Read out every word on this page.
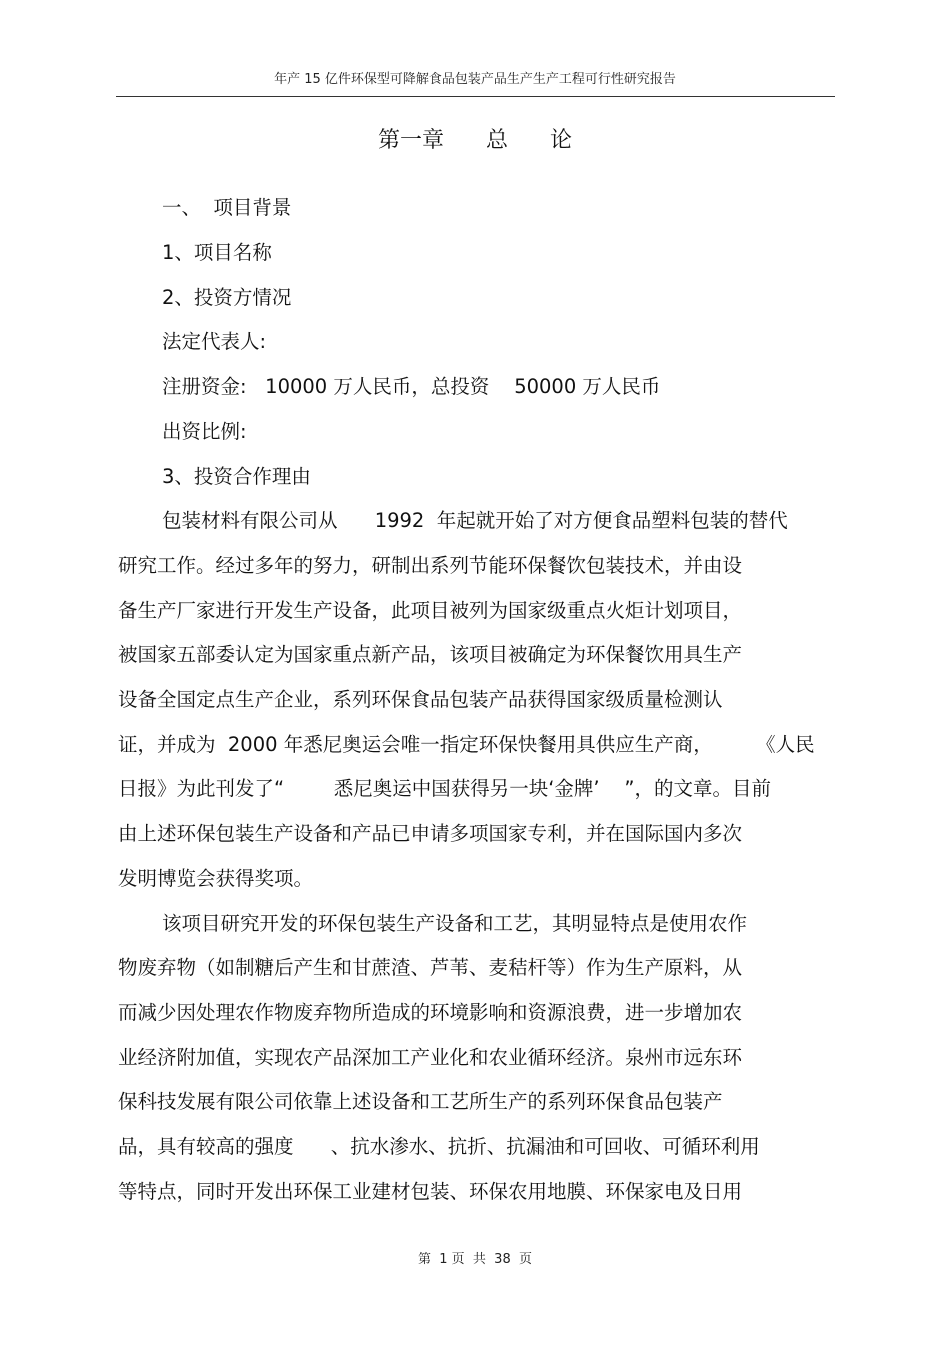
年产 15 亿件环保型可降解食品包装产品生产生产工程可行性研究报告
第一章      总      论
一、  项目背景
1、项目名称
2、投资方情况
法定代表人:
注册资金:   10000 万人民币，总投资    50000 万人民币
出资比例:
3、投资合作理由
包装材料有限公司从      1992  年起就开始了对方便食品塑料包装的替代
研究工作。经过多年的努力，研制出系列节能环保餐饮包装技术，并由设
备生产厂家进行开发生产设备，此项目被列为国家级重点火炬计划项目，
被国家五部委认定为国家重点新产品，该项目被确定为环保餐饮用具生产
设备全国定点生产企业，系列环保食品包装产品获得国家级质量检测认
证，并成为  2000 年悉尼奥运会唯一指定环保快餐用具供应生产商，       《人民
日报》为此刊发了“        悉尼奥运中国获得另一块‘金牌’    ”，的文章。目前
由上述环保包装生产设备和产品已申请多项国家专利，并在国际国内多次
发明博览会获得奖项。
该项目研究开发的环保包装生产设备和工艺，其明显特点是使用农作
物废弃物（如制糖后产生和甘蔗渣、芦苇、麦秸杆等）作为生产原料，从
而减少因处理农作物废弃物所造成的环境影响和资源浪费，进一步增加农
业经济附加值，实现农产品深加工产业化和农业循环经济。泉州市远东环
保科技发展有限公司依靠上述设备和工艺所生产的系列环保食品包装产
品，具有较高的强度      、抗水渗水、抗折、抗漏油和可回收、可循环利用
等特点，同时开发出环保工业建材包装、环保农用地膜、环保家电及日用
第  1 页  共  38  页
